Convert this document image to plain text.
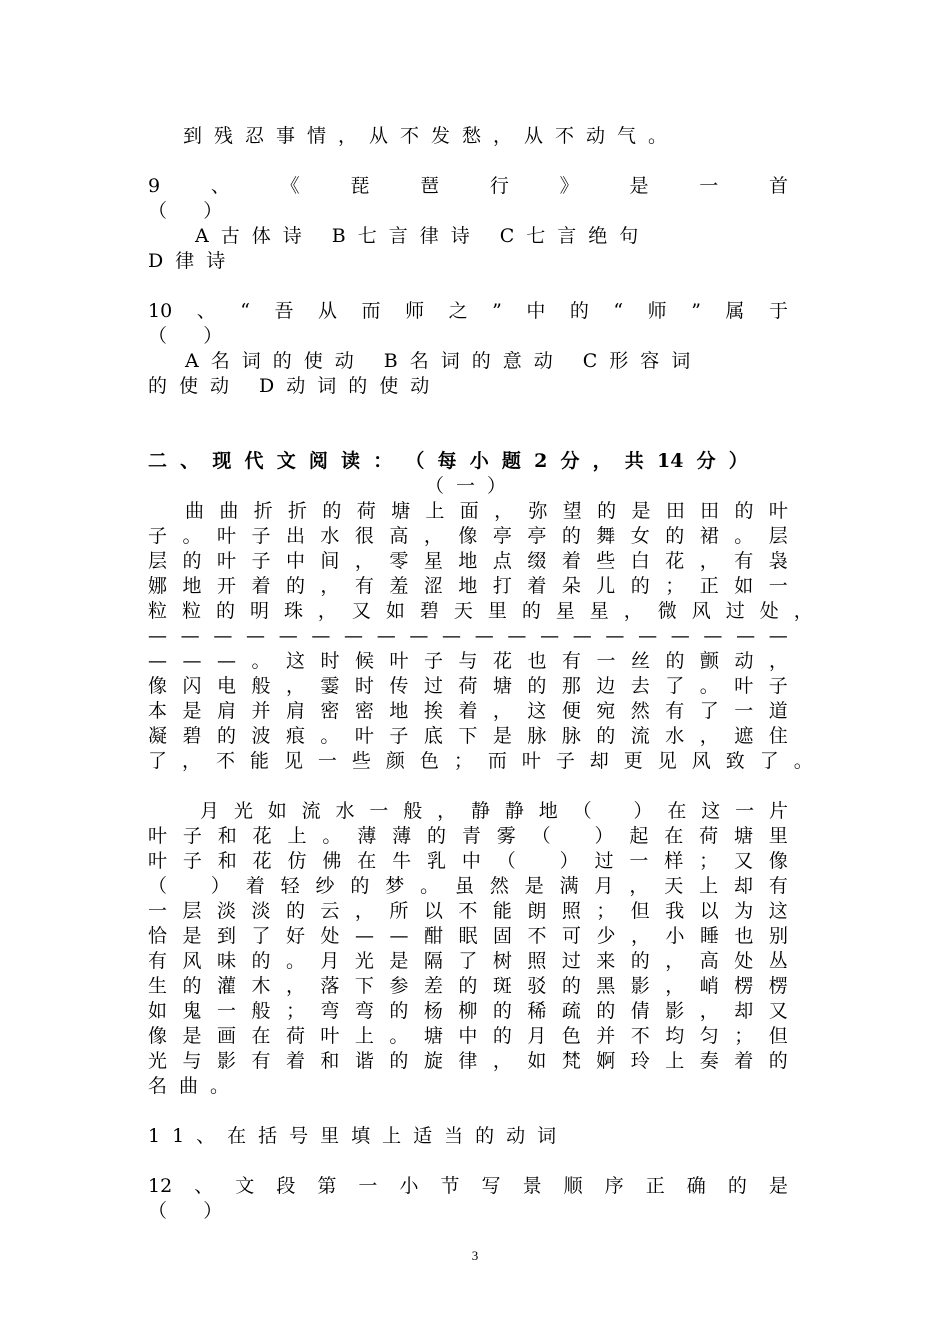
到残忍事情，从不发愁，从不动气。
9	、	《	琵	琶	行	》	是	一	首
（      ）
A古体诗 B七言律诗 C七言绝句
D律诗
10 、 “ 吾 从 而 师 之 ” 中 的 “ 师 ” 属 于
（      ）
A名词的使动 B名词的意动 C形容词
的使动 D动词的使动
二 、 现 代 文 阅 读 ： （ 每 小 题 2 分 ， 共 14 分 ）
（一）
曲 曲 折 折 的 荷 塘 上 面 ， 弥 望 的 是 田 田 的 叶
子 。 叶 子 出 水 很 高 ， 像 亭 亭 的 舞 女 的 裙 。 层
层 的 叶 子 中 间 ， 零 星 地 点 缀 着 些 白 花 ， 有 袅
娜 地 开 着 的 ， 有 羞 涩 地 打 着 朵 儿 的 ； 正 如 一
粒 粒 的 明 珠 ， 又 如 碧 天 里 的 星 星 ， 微 风 过 处 ，
— — — — — — — — — — — — — — — — — — — —
— — — 。 这 时 候 叶 子 与 花 也 有 一 丝 的 颤 动 ，
像 闪 电 般 ， 霎 时 传 过 荷 塘 的 那 边 去 了 。 叶 子
本 是 肩 并 肩 密 密 地 挨 着 ， 这 便 宛 然 有 了 一 道
凝 碧 的 波 痕 。 叶 子 底 下 是 脉 脉 的 流 水 ， 遮 住
了 ， 不 能 见 一 些 颜 色 ； 而 叶 子 却 更 见 风 致 了 。
月 光 如 流 水 一 般 ， 静 静 地 （
） 在 这 一 片
叶 子 和 花 上 。 薄 薄 的 青 雾 （
） 起 在 荷 塘 里
叶 子 和 花 仿 佛 在 牛 乳 中 （
） 过 一 样 ； 又 像
（
） 着 轻 纱 的 梦 。 虽 然 是 满 月 ， 天 上 却 有
一 层 淡 淡 的 云 ， 所 以 不 能 朗 照 ； 但 我 以 为 这
恰 是 到 了 好 处 — — 酣 眠 固 不 可 少 ， 小 睡 也 别
有 风 味 的 。 月 光 是 隔 了 树 照 过 来 的 ， 高 处 丛
生 的 灌 木 ， 落 下 参 差 的 斑 驳 的 黑 影 ， 峭 楞 楞
如 鬼 一 般 ； 弯 弯 的 杨 柳 的 稀 疏 的 倩 影 ， 却 又
像 是 画 在 荷 叶 上 。 塘 中 的 月 色 并 不 均 匀 ； 但
光 与 影 有 着 和 谐 的 旋 律 ， 如 梵 婀 玲 上 奏 着 的
名曲。
11、在括号里填上适当的动词
12 、 文 段 第 一 小 节 写 景 顺 序 正 确 的 是
（      ）
3
